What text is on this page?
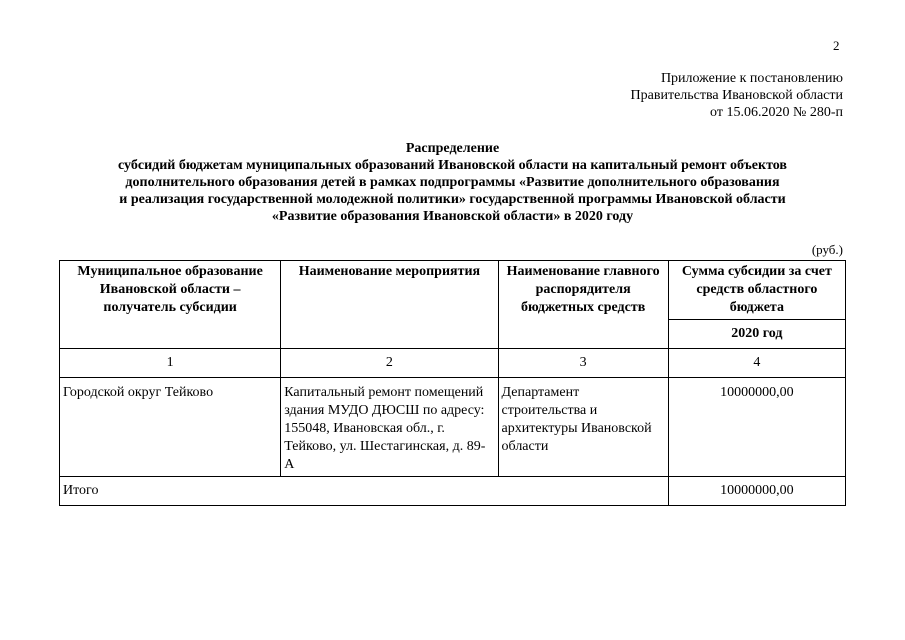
2
Приложение к постановлению
Правительства Ивановской области
от 15.06.2020 № 280-п
Распределение
субсидий бюджетам муниципальных образований Ивановской области на капитальный ремонт объектов
дополнительного образования детей в рамках подпрограммы «Развитие дополнительного образования
и реализация государственной молодежной политики» государственной программы Ивановской области
«Развитие образования Ивановской области» в 2020 году
(руб.)
Муниципальное образование Ивановской области – получатель субсидии	Наименование мероприятия	Наименование главного распорядителя бюджетных средств	Сумма субсидии за счет средств областного бюджета
			2020 год
1	2	3	4
Городской округ Тейково	Капитальный ремонт помещений здания МУДО ДЮСШ по адресу: 155048, Ивановская обл., г. Тейково, ул. Шестагинская, д. 89-А	Департамент строительства и архитектуры Ивановской области	10000000,00
Итого			10000000,00
